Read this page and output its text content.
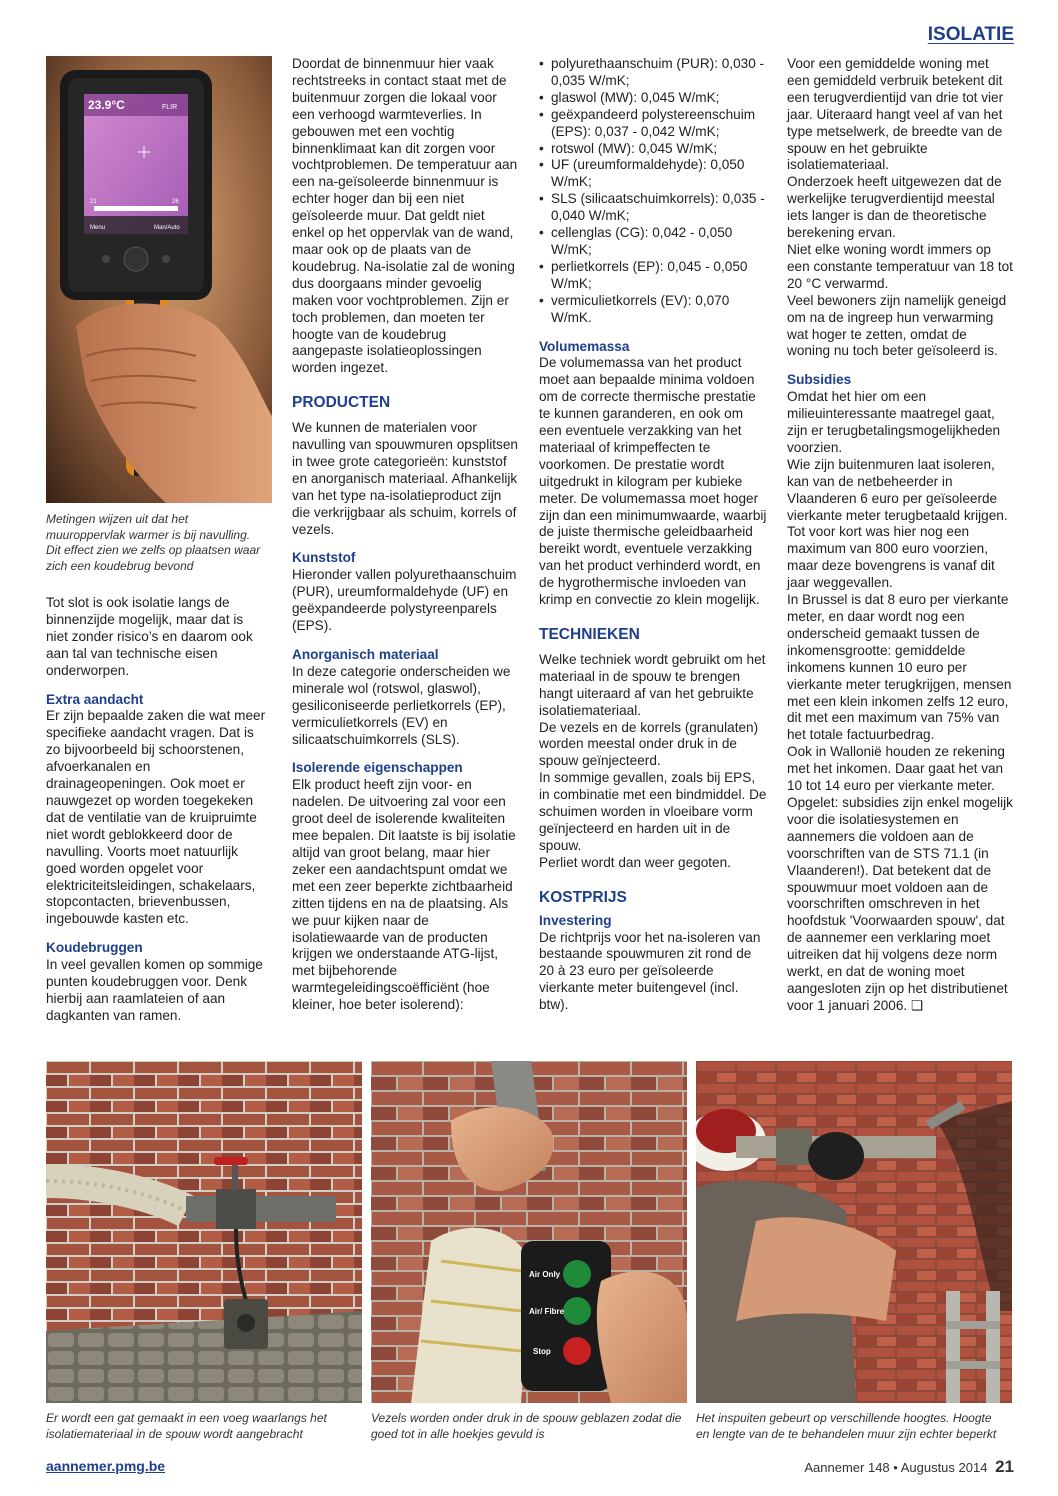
ISOLATIE
23.9°C	FLIR
21	26
Menu	Man/Auto
Metingen wijzen uit dat het muuroppervlak warmer is bij navulling. Dit effect zien we zelfs op plaatsen waar zich een koudebrug bevond

Tot slot is ook isolatie langs de binnenzijde mogelijk, maar dat is niet zonder risico’s en daarom ook aan tal van technische eisen onderworpen.

Extra aandacht

Er zijn bepaalde zaken die wat meer specifieke aandacht vragen. Dat is zo bijvoorbeeld bij schoorstenen, afvoerkanalen en drainageopeningen. Ook moet er nauwgezet op worden toegekeken dat de ventilatie van de kruipruimte niet wordt geblokkeerd door de navulling. Voorts moet natuurlijk goed worden opgelet voor elektriciteitsleidingen, schakelaars, stopcontacten, brievenbussen, ingebouwde kasten etc.

Koudebruggen

In veel gevallen komen op sommige punten koudebruggen voor. Denk hierbij aan raamlateien of aan dagkanten van ramen.

Doordat de binnenmuur hier vaak rechtstreeks in contact staat met de buitenmuur zorgen die lokaal voor een verhoogd warmteverlies. In gebouwen met een vochtig binnenklimaat kan dit zorgen voor vochtproblemen. De temperatuur aan een na-geïsoleerde binnenmuur is echter hoger dan bij een niet geïsoleerde muur. Dat geldt niet enkel op het oppervlak van de wand, maar ook op de plaats van de koudebrug. Na-isolatie zal de woning dus doorgaans minder gevoelig maken voor vochtproblemen. Zijn er toch problemen, dan moeten ter hoogte van de koudebrug aangepaste isolatieoplossingen worden ingezet.

PRODUCTEN

We kunnen de materialen voor navulling van spouwmuren opsplitsen in twee grote categorieën: kunststof en anorganisch materiaal. Afhankelijk van het type na-isolatieproduct zijn die verkrijgbaar als schuim, korrels of vezels.

Kunststof

Hieronder vallen polyurethaanschuim (PUR), ureumformaldehyde (UF) en geëxpandeerde polystyreenparels (EPS).

Anorganisch materiaal

In deze categorie onderscheiden we minerale wol (rotswol, glaswol), gesiliconiseerde perlietkorrels (EP), vermiculietkorrels (EV) en silicaatschuimkorrels (SLS).

Isolerende eigenschappen

Elk product heeft zijn voor- en nadelen. De uitvoering zal voor een groot deel de isolerende kwaliteiten mee bepalen. Dit laatste is bij isolatie altijd van groot belang, maar hier zeker een aandachtspunt omdat we met een zeer beperkte zichtbaarheid zitten tijdens en na de plaatsing. Als we puur kijken naar de isolatiewaarde van de producten krijgen we onderstaande ATG-lijst, met bijbehorende warmtegeleidingscoëfficiënt (hoe kleiner, hoe beter isolerend):

• polyurethaanschuim (PUR): 0,030 - 0,035 W/mK;
• glaswol (MW): 0,045 W/mK;
• geëxpandeerd polystereenschuim (EPS): 0,037 - 0,042 W/mK;
• rotswol (MW): 0,045 W/mK;
• UF (ureumformaldehyde): 0,050 W/mK;
• SLS (silicaatschuimkorrels): 0,035 - 0,040 W/mK;
• cellenglas (CG): 0,042 - 0,050 W/mK;
• perlietkorrels (EP): 0,045 - 0,050 W/mK;
• vermiculietkorrels (EV): 0,070 W/mK.

Volumemassa

De volumemassa van het product moet aan bepaalde minima voldoen om de correcte thermische prestatie te kunnen garanderen, en ook om een eventuele verzakking van het materiaal of krimpeffecten te voorkomen. De prestatie wordt uitgedrukt in kilogram per kubieke meter. De volumemassa moet hoger zijn dan een minimumwaarde, waarbij de juiste thermische geleidbaarheid bereikt wordt, eventuele verzakking van het product verhinderd wordt, en de hygrothermische invloeden van krimp en convectie zo klein mogelijk.

TECHNIEKEN

Welke techniek wordt gebruikt om het materiaal in de spouw te brengen hangt uiteraard af van het gebruikte isolatiemateriaal.

De vezels en de korrels (granulaten) worden meestal onder druk in de spouw geïnjecteerd.

In sommige gevallen, zoals bij EPS, in combinatie met een bindmiddel. De schuimen worden in vloeibare vorm geïnjecteerd en harden uit in de spouw.

Perliet wordt dan weer gegoten.

KOSTPRIJS

Investering

De richtprijs voor het na-isoleren van bestaande spouwmuren zit rond de 20 à 23 euro per geïsoleerde vierkante meter buitengevel (incl. btw).

Voor een gemiddelde woning met een gemiddeld verbruik betekent dit een terugverdientijd van drie tot vier jaar. Uiteraard hangt veel af van het type metselwerk, de breedte van de spouw en het gebruikte isolatiemateriaal.

Onderzoek heeft uitgewezen dat de werkelijke terugverdientijd meestal iets langer is dan de theoretische berekening ervan.

Niet elke woning wordt immers op een constante temperatuur van 18 tot 20 °C verwarmd.

Veel bewoners zijn namelijk geneigd om na de ingreep hun verwarming wat hoger te zetten, omdat de woning nu toch beter geïsoleerd is.

Subsidies

Omdat het hier om een milieuinteressante maatregel gaat, zijn er terugbetalingsmogelijkheden voorzien.

Wie zijn buitenmuren laat isoleren, kan van de netbeheerder in Vlaanderen 6 euro per geïsoleerde vierkante meter terugbetaald krijgen. Tot voor kort was hier nog een maximum van 800 euro voorzien, maar deze bovengrens is vanaf dit jaar weggevallen.

In Brussel is dat 8 euro per vierkante meter, en daar wordt nog een onderscheid gemaakt tussen de inkomensgrootte: gemiddelde inkomens kunnen 10 euro per vierkante meter terugkrijgen, mensen met een klein inkomen zelfs 12 euro, dit met een maximum van 75% van het totale factuurbedrag.

Ook in Wallonië houden ze rekening met het inkomen. Daar gaat het van 10 tot 14 euro per vierkante meter.

Opgelet: subsidies zijn enkel mogelijk voor die isolatiesystemen en aannemers die voldoen aan de voorschriften van de STS 71.1 (in Vlaanderen!). Dat betekent dat de spouwmuur moet voldoen aan de voorschriften omschreven in het hoofdstuk 'Voorwaarden spouw', dat de aannemer een verklaring moet uitreiken dat hij volgens deze norm werkt, en dat de woning moet aangesloten zijn op het distributienet voor 1 januari 2006. ❑

Er wordt een gat gemaakt in een voeg waarlangs het isolatiemateriaal in de spouw wordt aangebracht
Air Only
Air/ Fibre
Stop
Vezels worden onder druk in de spouw geblazen zodat die goed tot in alle hoekjes gevuld is
Het inspuiten gebeurt op verschillende hoogtes. Hoogte en lengte van de te behandelen muur zijn echter beperkt
aannemer.pmg.be	Aannemer 148 • Augustus 2014 21
